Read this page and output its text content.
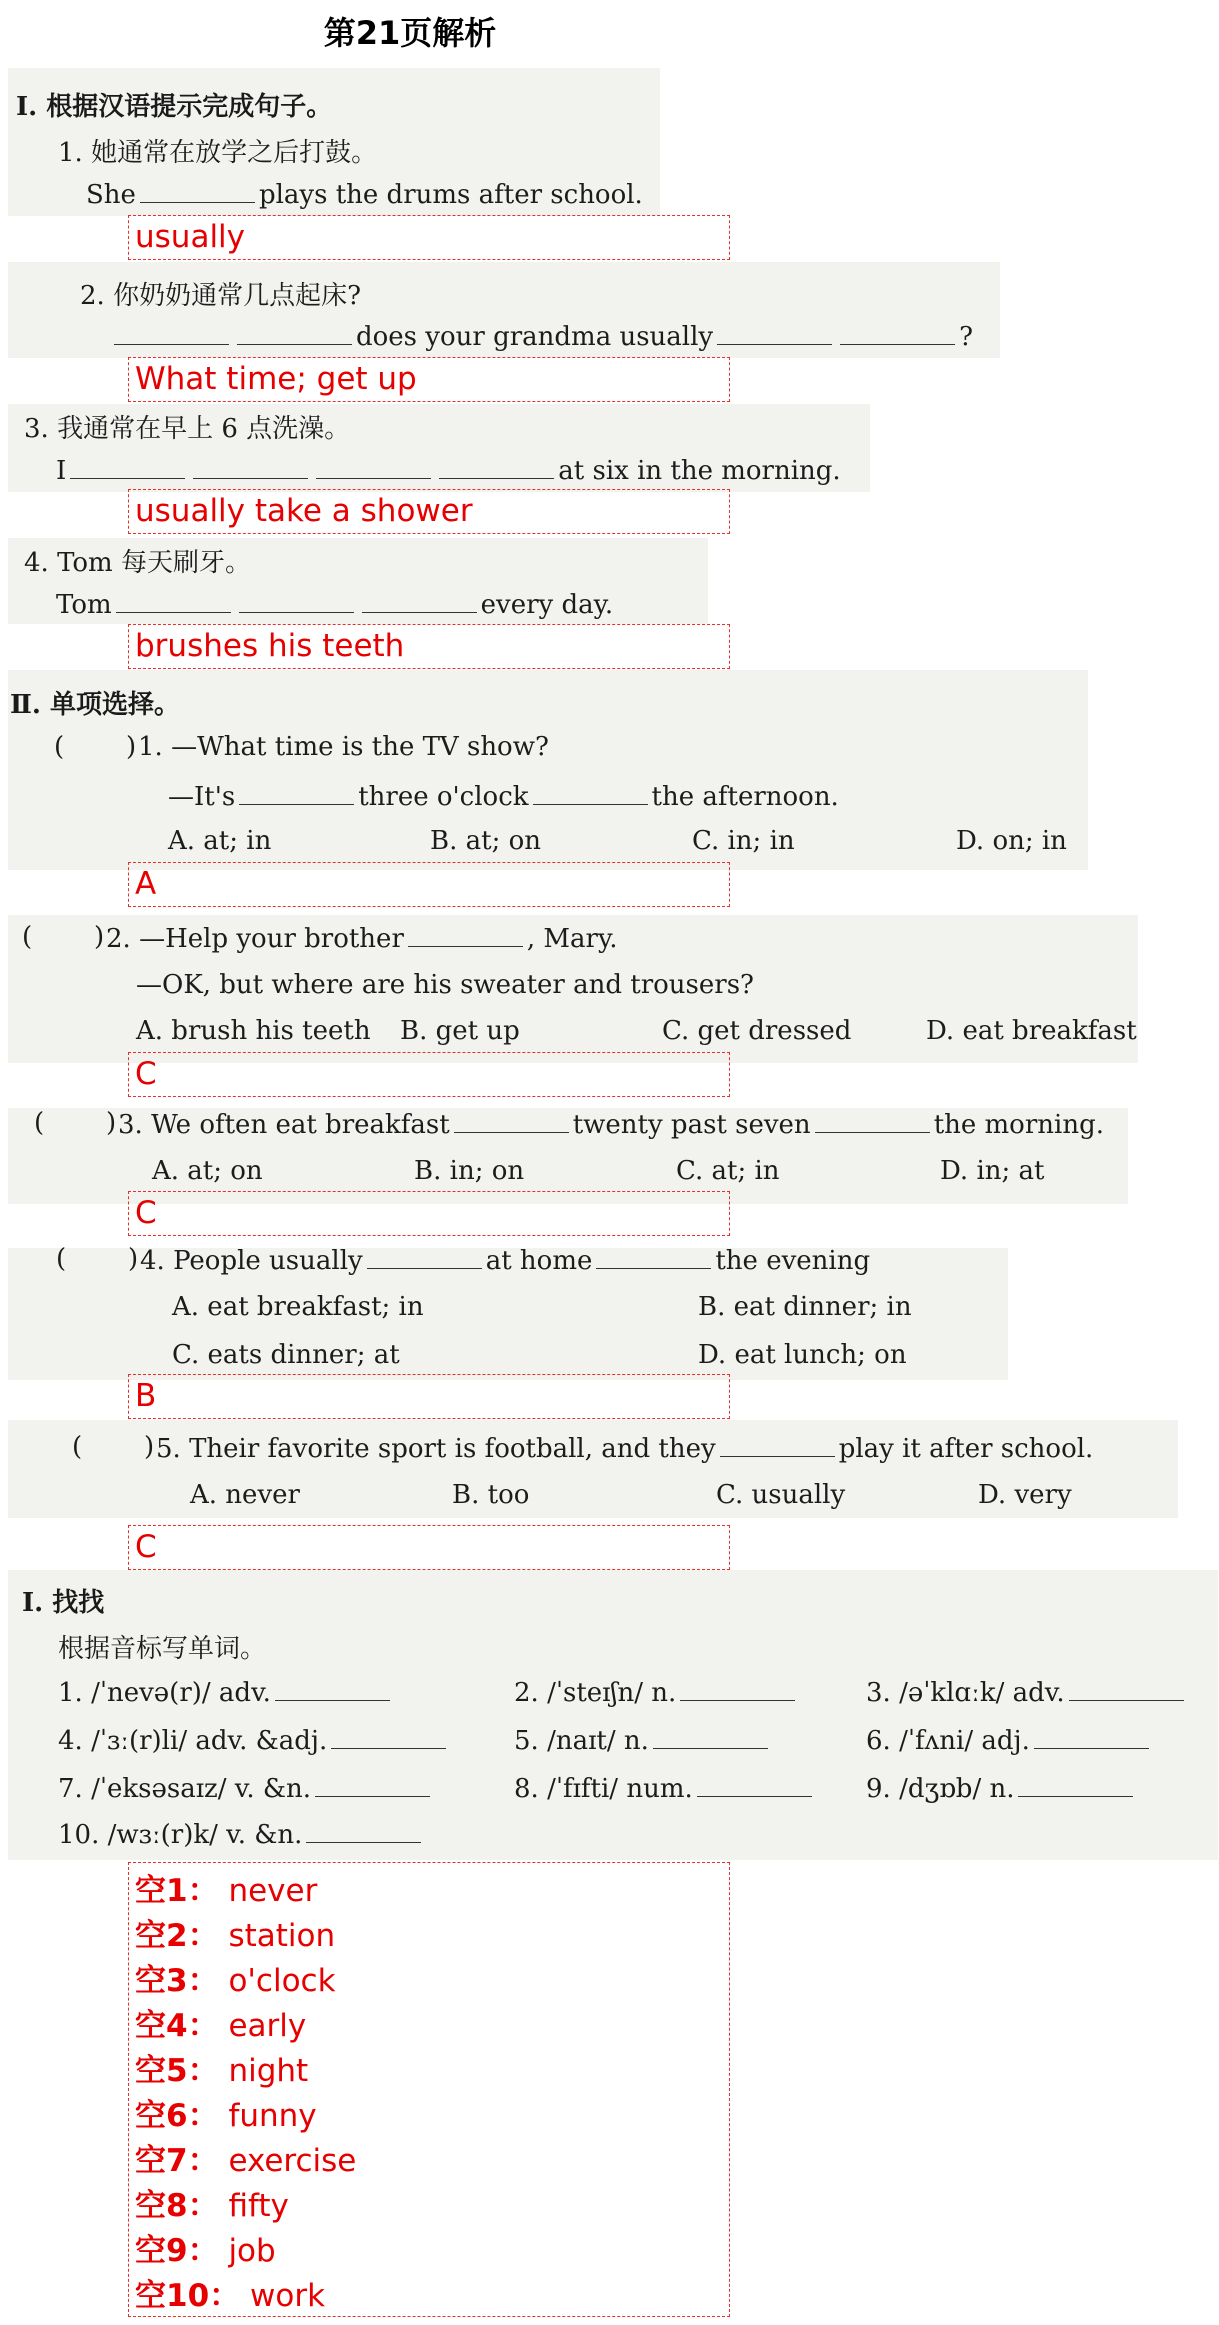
第21页解析
Ⅰ. 根据汉语提示完成句子。
1. 她通常在放学之后打鼓。
She	plays the drums after school.
usually
2. 你奶奶通常几点起床?
does your grandma usually	?
What time; get up
3. 我通常在早上 6 点洗澡。
I	at six in the morning.
usually take a shower
4. Tom 每天刷牙。
Tom	every day.
brushes his teeth
Ⅱ. 单项选择。
( ) 1. —What time is the TV show?
—It's	three o'clock	the afternoon.
A. at; in	B. at; on	C. in; in	D. on; in
A
( ) 2. —Help your brother	, Mary.
—OK, but where are his sweater and trousers?
A. brush his teeth B. get up	C. get dressed	D. eat breakfast
C
( ) 3. We often eat breakfast	twenty past seven	the morning.
A. at; on	B. in; on	C. at; in	D. in; at
C
( ) 4. People usually	at home	the evening
A. eat breakfast; in	B. eat dinner; in
C. eats dinner; at	D. eat lunch; on
B
( ) 5. Their favorite sport is football, and they	play it after school.
A. never	B. too	C. usually	D. very
C
Ⅰ. 找找
根据音标写单词。
1. /ˈnevə(r)/ adv.	2. /ˈsteɪʃn/ n.	3. /əˈklɑːk/ adv.
4. /ˈɜː(r)li/ adv. &adj.	5. /naɪt/ n.	6. /ˈfʌni/ adj.
7. /ˈeksəsaɪz/ v. &n.	8. /ˈfɪfti/ num.	9. /dʒɒb/ n.
10. /wɜː(r)k/ v. &n.
空1： never
空2： station
空3： o'clock
空4： early
空5： night
空6： funny
空7： exercise
空8： fifty
空9： job
空10： work
